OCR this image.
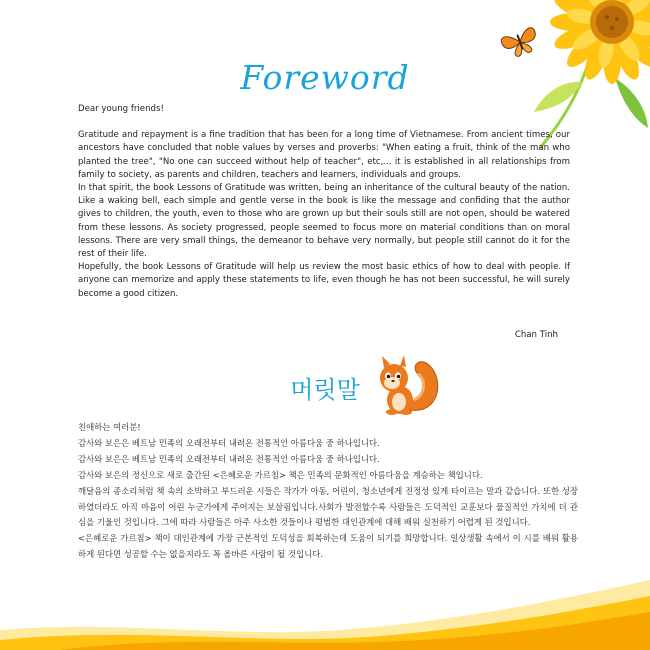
Foreword

Dear young friends!

Gratitude and repayment is a fine tradition that has been for a long time of Vietnamese. From ancient times, our ancestors have concluded that noble values by verses and proverbs: "When eating a fruit, think of the man who planted the tree", "No one can succeed without help of teacher", etc,... it is established in all relationships from family to society, as parents and children, teachers and learners, individuals and groups.

In that spirit, the book Lessons of Gratitude was written, being an inheritance of the cultural beauty of the nation. Like a waking bell, each simple and gentle verse in the book is like the message and confiding that the author gives to children, the youth, even to those who are grown up but their souls still are not open, should be watered from these lessons. As society progressed, people seemed to focus more on material conditions than on moral lessons. There are very small things, the demeanor to behave very normally, but people still cannot do it for the rest of their life.

Hopefully, the book Lessons of Gratitude will help us review the most basic ethics of how to deal with people. If anyone can memorize and apply these statements to life, even though he has not been successful, he will surely become a good citizen.

Chan Tinh
머릿말

친애하는 여러분!

감사와 보은은 베트남 민족의 오래전부터 내려온 전통적인 아름다움 중 하나입니다.

감사와 보은은 베트남 민족의 오래전부터 내려온 전통적인 아름다움 중 하나입니다.

감사와 보은의 정신으로 새로 출간된 <은혜로운 가르침> 책은 민족의 문화적인 아름다움을 계승하는 책입니다.

깨달음의 종소리처럼 책 속의 소박하고 부드러운 시들은 작가가 아동, 어린이, 청소년에게 진정성 있게 타이르는 말과 같습니다. 또한 성장하였더라도 아직 마음이 어린 누군가에게 주어지는 보살핌입니다.사회가 발전할수록 사람들은 도덕적인 교훈보다 물질적인 가치에 더 관심을 기울인 것입니다. 그에 따라 사람들은 아주 사소한 것들이나 평범한 대인관계에 대해 배워 실천하기 어렵게 된 것입니다.

<은혜로운 가르침> 책이 대인관계에 가장 근본적인 도덕성을 회복하는데 도움이 되기를 희망합니다. 일상생활 속에서 이 시를 배워 활용하게 된다면 성공할 수는 없을지라도 꼭 올바른 사람이 될 것입니다.
